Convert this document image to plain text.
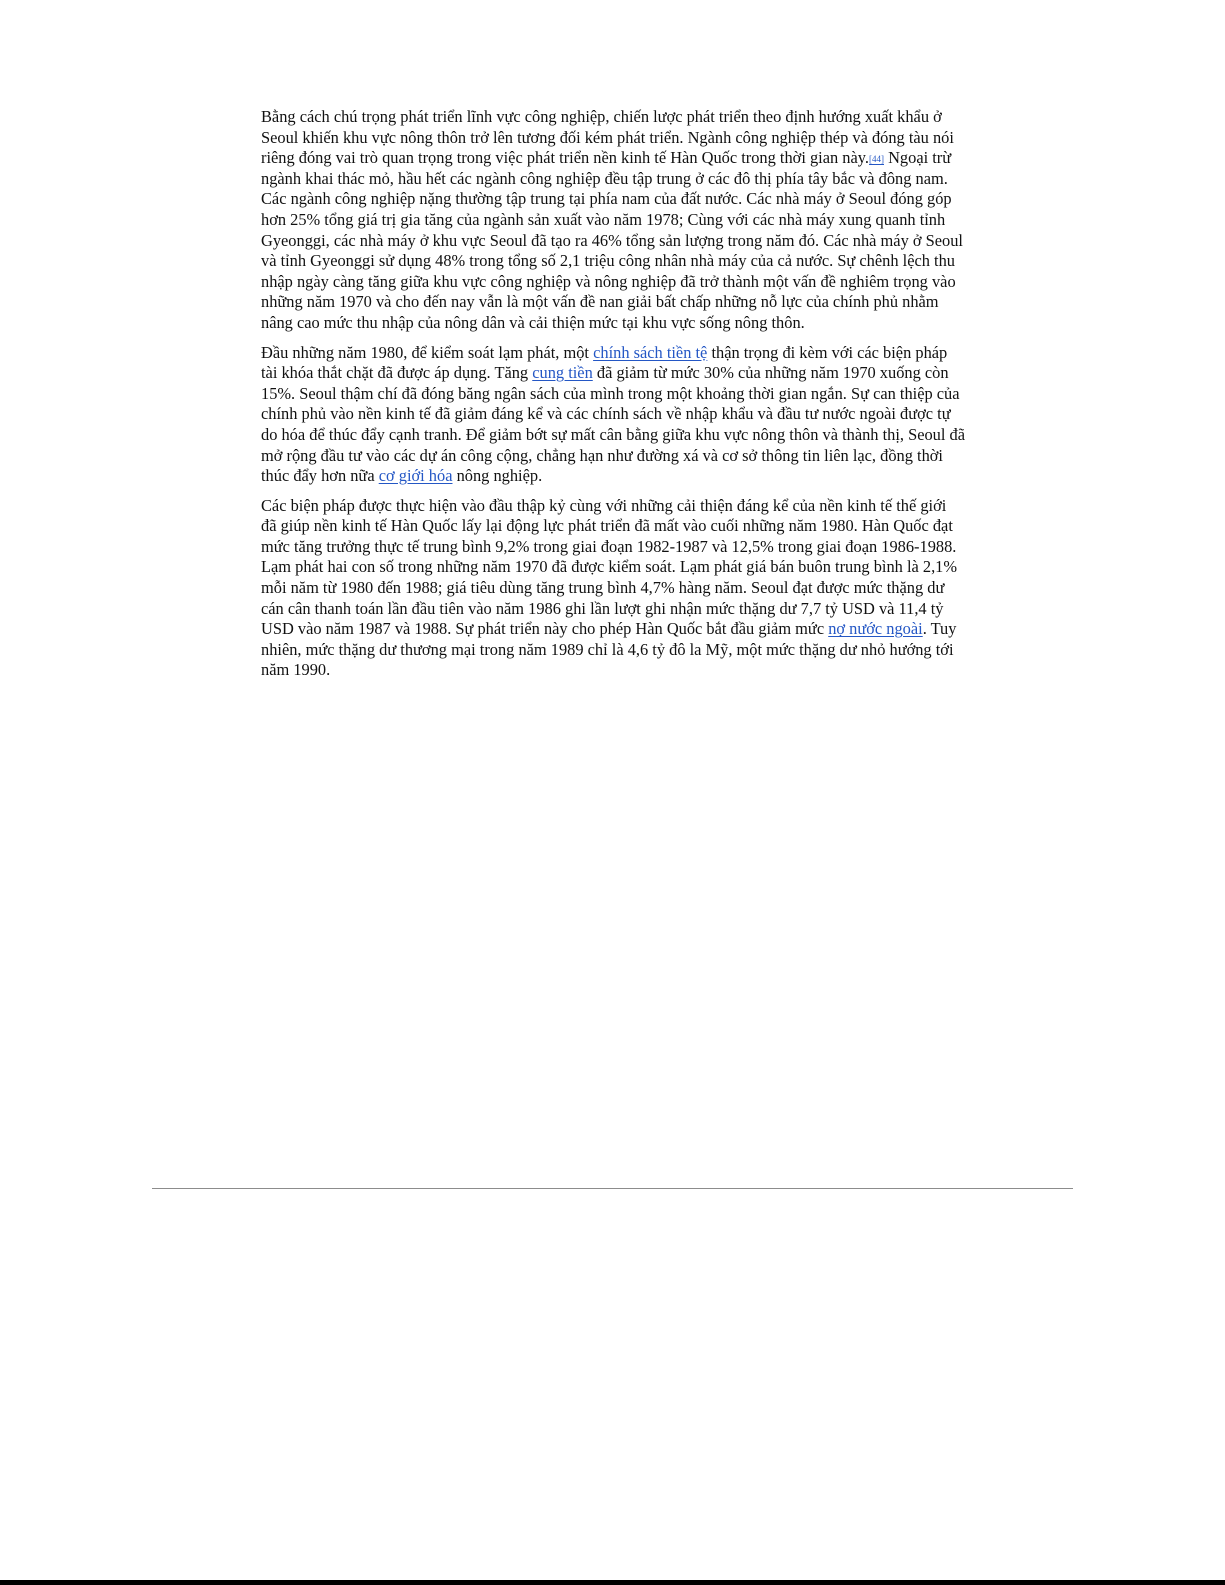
Bằng cách chú trọng phát triển lĩnh vực công nghiệp, chiến lược phát triển theo định hướng xuất khẩu ở Seoul khiến khu vực nông thôn trở lên tương đối kém phát triển. Ngành công nghiệp thép và đóng tàu nói riêng đóng vai trò quan trọng trong việc phát triển nền kinh tế Hàn Quốc trong thời gian này.[44] Ngoại trừ ngành khai thác mỏ, hầu hết các ngành công nghiệp đều tập trung ở các đô thị phía tây bắc và đông nam. Các ngành công nghiệp nặng thường tập trung tại phía nam của đất nước. Các nhà máy ở Seoul đóng góp hơn 25% tổng giá trị gia tăng của ngành sản xuất vào năm 1978; Cùng với các nhà máy xung quanh tỉnh Gyeonggi, các nhà máy ở khu vực Seoul đã tạo ra 46% tổng sản lượng trong năm đó. Các nhà máy ở Seoul và tỉnh Gyeonggi sử dụng 48% trong tổng số 2,1 triệu công nhân nhà máy của cả nước. Sự chênh lệch thu nhập ngày càng tăng giữa khu vực công nghiệp và nông nghiệp đã trở thành một vấn đề nghiêm trọng vào những năm 1970 và cho đến nay vẫn là một vấn đề nan giải bất chấp những nỗ lực của chính phủ nhằm nâng cao mức thu nhập của nông dân và cải thiện mức tại khu vực sống nông thôn.

Đầu những năm 1980, để kiểm soát lạm phát, một chính sách tiền tệ thận trọng đi kèm với các biện pháp tài khóa thắt chặt đã được áp dụng. Tăng cung tiền đã giảm từ mức 30% của những năm 1970 xuống còn 15%. Seoul thậm chí đã đóng băng ngân sách của mình trong một khoảng thời gian ngắn. Sự can thiệp của chính phủ vào nền kinh tế đã giảm đáng kể và các chính sách về nhập khẩu và đầu tư nước ngoài được tự do hóa để thúc đẩy cạnh tranh. Để giảm bớt sự mất cân bằng giữa khu vực nông thôn và thành thị, Seoul đã mở rộng đầu tư vào các dự án công cộng, chẳng hạn như đường xá và cơ sở thông tin liên lạc, đồng thời thúc đẩy hơn nữa cơ giới hóa nông nghiệp.

Các biện pháp được thực hiện vào đầu thập kỷ cùng với những cải thiện đáng kể của nền kinh tế thế giới đã giúp nền kinh tế Hàn Quốc lấy lại động lực phát triển đã mất vào cuối những năm 1980. Hàn Quốc đạt mức tăng trưởng thực tế trung bình 9,2% trong giai đoạn 1982-1987 và 12,5% trong giai đoạn 1986-1988. Lạm phát hai con số trong những năm 1970 đã được kiểm soát. Lạm phát giá bán buôn trung bình là 2,1% mỗi năm từ 1980 đến 1988; giá tiêu dùng tăng trung bình 4,7% hàng năm. Seoul đạt được mức thặng dư cán cân thanh toán lần đầu tiên vào năm 1986 ghi lần lượt ghi nhận mức thặng dư 7,7 tỷ USD và 11,4 tỷ USD vào năm 1987 và 1988. Sự phát triển này cho phép Hàn Quốc bắt đầu giảm mức nợ nước ngoài. Tuy nhiên, mức thặng dư thương mại trong năm 1989 chỉ là 4,6 tỷ đô la Mỹ, một mức thặng dư nhỏ hướng tới năm 1990.
